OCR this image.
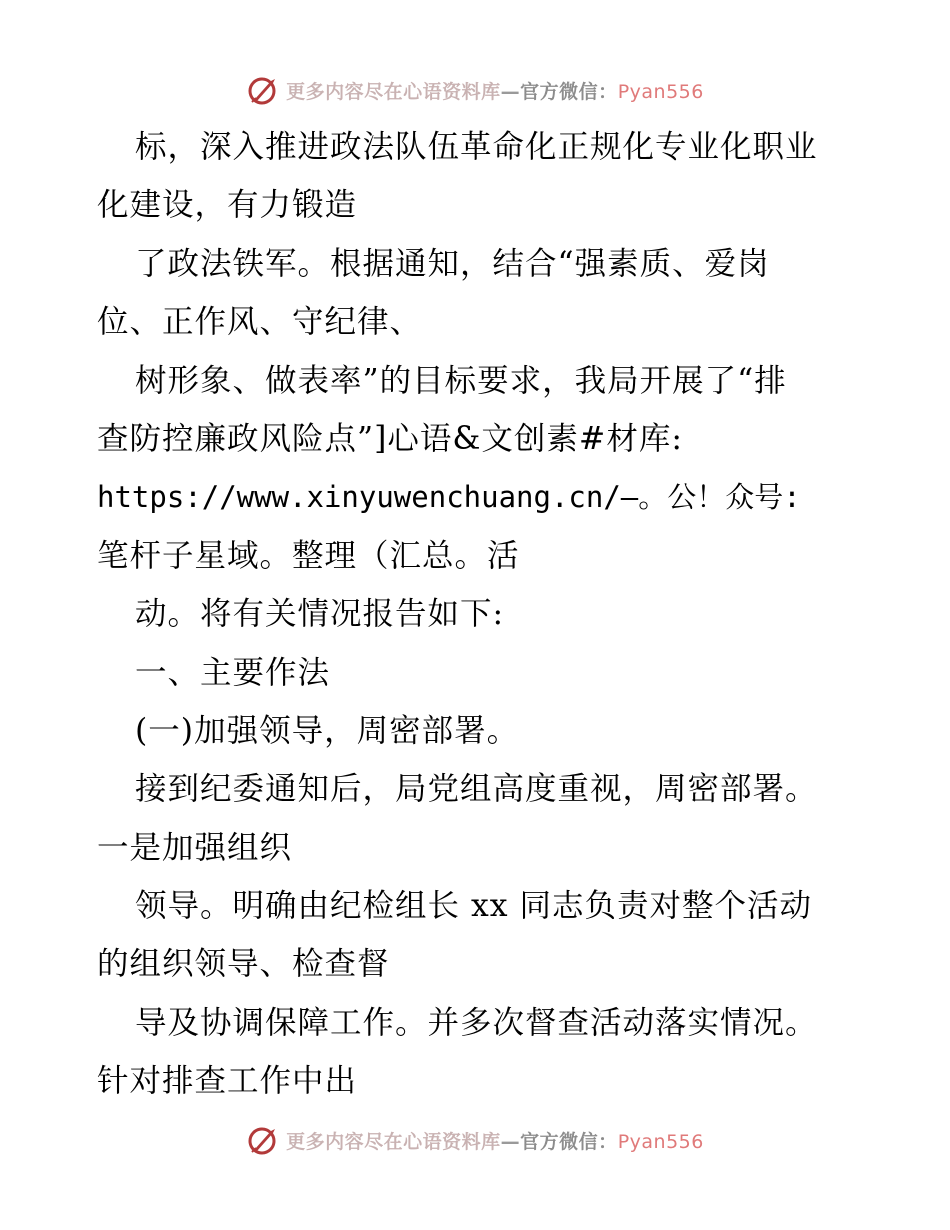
更多内容尽在心语资料库—官方微信：Pyan556
标，深入推进政法队伍革命化正规化专业化职业
化建设，有力锻造
了政法铁军。根据通知，结合“强素质、爱岗
位、正作风、守纪律、
树形象、做表率”的目标要求，我局开展了“排
查防控廉政风险点”]心语&文创素#材库:
https://www.xinyuwenchuang.cn/—。公！众号:
笔杆子星域。整理（汇总。活
动。将有关情况报告如下:
一、主要作法
(一)加强领导，周密部署。
接到纪委通知后，局党组高度重视，周密部署。
一是加强组织
领导。明确由纪检组长 xx 同志负责对整个活动
的组织领导、检查督
导及协调保障工作。并多次督查活动落实情况。
针对排查工作中出
更多内容尽在心语资料库—官方微信：Pyan556
